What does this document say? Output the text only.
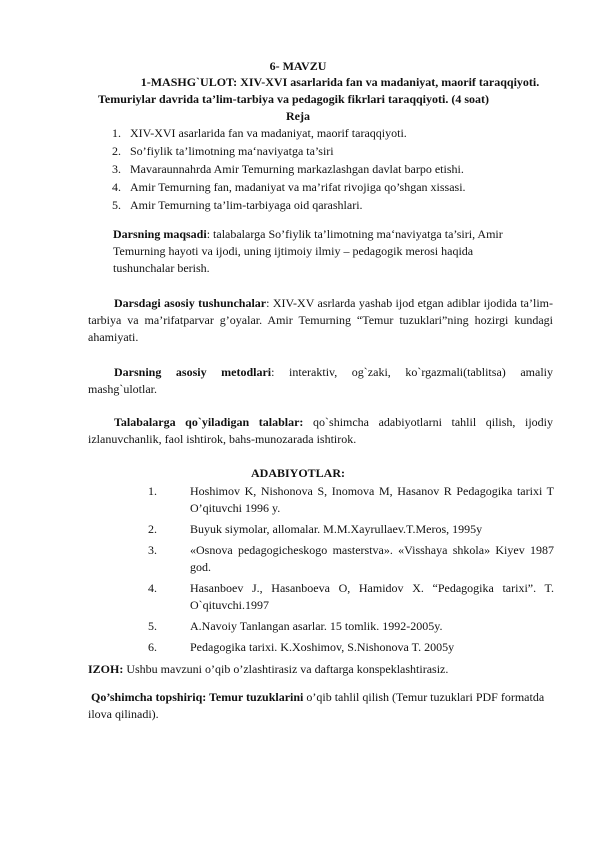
6- MAVZU
1-MASHG`ULOT: XIV-XVI asarlarida fan va madaniyat, maorif taraqqiyoti.
Temuriylar davrida ta’lim-tarbiya va pedagogik fikrlari taraqqiyoti. (4 soat)
Reja
1. XIV-XVI asarlarida fan va madaniyat, maorif taraqqiyoti.
2. So’fiylik ta’limotning ma‘naviyatga ta’siri
3. Mavaraunnahrda Amir Temurning markazlashgan davlat barpo etishi.
4. Amir Temurning fan, madaniyat va ma’rifat rivojiga qo’shgan xissasi.
5. Amir Temurning ta’lim-tarbiyaga oid qarashlari.
Darsning maqsadi: talabalarga So’fiylik ta’limotning ma‘naviyatga ta’siri, Amir Temurning hayoti va ijodi, uning ijtimoiy ilmiy – pedagogik merosi haqida tushunchalar berish.
Darsdagi asosiy tushunchalar: XIV-XV asrlarda yashab ijod etgan adiblar ijodida ta’lim-tarbiya va ma’rifatparvar g’oyalar. Amir Temurning “Temur tuzuklari”ning hozirgi kundagi ahamiyati.
Darsning asosiy metodlari: interaktiv, og`zaki, ko`rgazmali(tablitsa) amaliy mashg`ulotlar.
Talabalarga qo`yiladigan talablar: qo`shimcha adabiyotlarni tahlil qilish, ijodiy izlanuvchanlik, faol ishtirok, bahs-munozarada ishtirok.
ADABIYOTLAR:
1.	Hoshimov K, Nishonova S, Inomova M, Hasanov R Pedagogika tarixi T O’qituvchi 1996 y.
2.	Buyuk siymolar, allomalar. M.M.Xayrullaev.T.Meros, 1995y
3.	«Osnova pedagogicheskogo masterstva». «Visshaya shkola» Kiyev 1987 god.
4.	Hasanboev J., Hasanboeva O, Hamidov X. “Pedagogika tarixi”. T. O`qituvchi.1997
5.	A.Navoiy Tanlangan asarlar. 15 tomlik. 1992-2005y.
6.	Pedagogika tarixi. K.Xoshimov, S.Nishonova T. 2005y
IZOH: Ushbu mavzuni o’qib o’zlashtirasiz va daftarga konspeklashtirasiz.
Qo’shimcha topshiriq: Temur tuzuklarini o’qib tahlil qilish (Temur tuzuklari PDF formatda ilova qilinadi).
